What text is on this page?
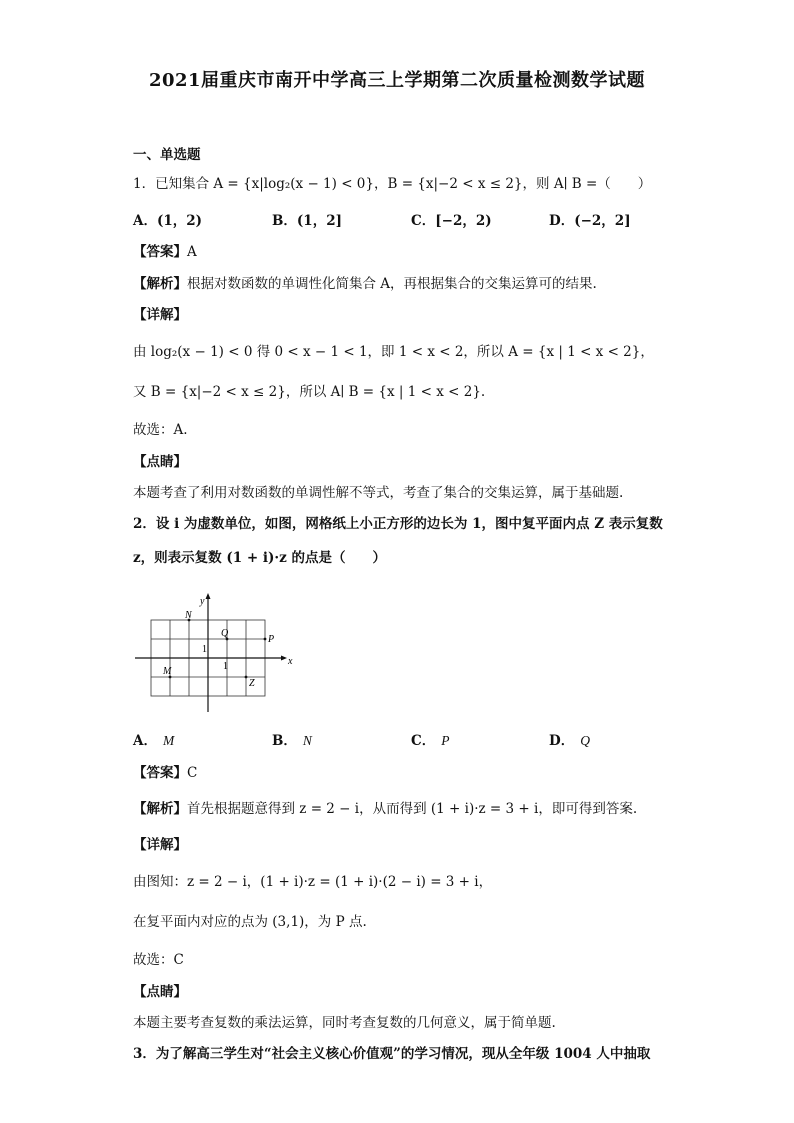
2021届重庆市南开中学高三上学期第二次质量检测数学试题
一、单选题
1．已知集合 A = {x|log₂(x − 1) < 0}，B = {x|−2 < x ≤ 2}，则 A∣ B =（　　）
A．(1，2)	B．(1，2]	C．[−2，2)	D．(−2，2]
【答案】A
【解析】根据对数函数的单调性化简集合 A，再根据集合的交集运算可的结果.
【详解】
由 log₂(x − 1) < 0 得 0 < x − 1 < 1，即 1 < x < 2，所以 A = {x | 1 < x < 2}，
又 B = {x|−2 < x ≤ 2}，所以 A∣ B = {x | 1 < x < 2}.
故选：A.
【点睛】
本题考查了利用对数函数的单调性解不等式，考查了集合的交集运算，属于基础题.
2．设 i 为虚数单位，如图，网格纸上小正方形的边长为 1，图中复平面内点 Z 表示复数
z，则表示复数 (1 + i)·z 的点是（　　）
x
y
1
1
N
Q
P
M
Z
A． M	B． N	C． P	D． Q
【答案】C
【解析】首先根据题意得到 z = 2 − i，从而得到 (1 + i)·z = 3 + i，即可得到答案.
【详解】
由图知：z = 2 − i，(1 + i)·z = (1 + i)·(2 − i) = 3 + i，
在复平面内对应的点为 (3,1)，为 P 点.
故选：C
【点睛】
本题主要考查复数的乘法运算，同时考查复数的几何意义，属于简单题.
3．为了解高三学生对“社会主义核心价值观”的学习情况，现从全年级 1004 人中抽取
